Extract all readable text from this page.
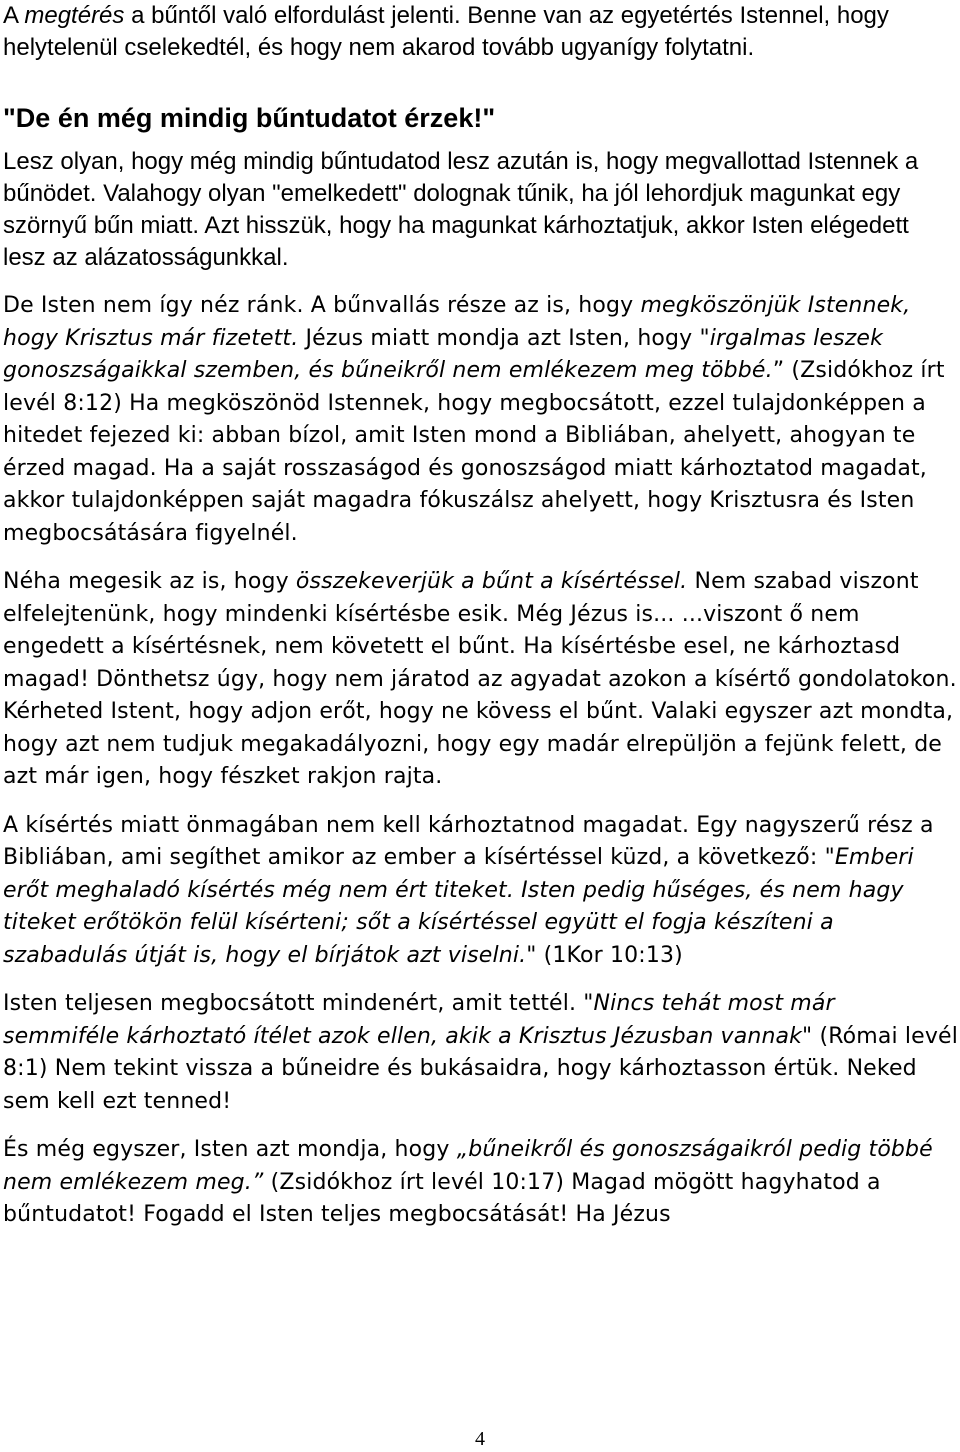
A megtérés a bűntől való elfordulást jelenti. Benne van az egyetértés Istennel, hogy helytelenül cselekedtél, és hogy nem akarod tovább ugyanígy folytatni.

"De én még mindig bűntudatot érzek!"

Lesz olyan, hogy még mindig bűntudatod lesz azután is, hogy megvallottad Istennek a bűnödet. Valahogy olyan "emelkedett" dolognak tűnik, ha jól lehordjuk magunkat egy szörnyű bűn miatt. Azt hisszük, hogy ha magunkat kárhoztatjuk, akkor Isten elégedett lesz az alázatosságunkkal.

De Isten nem így néz ránk. A bűnvallás része az is, hogy megköszönjük Istennek, hogy Krisztus már fizetett. Jézus miatt mondja azt Isten, hogy "irgalmas leszek gonoszságaikkal szemben, és bűneikről nem emlékezem meg többé.” (Zsidókhoz írt levél 8:12) Ha megköszönöd Istennek, hogy megbocsátott, ezzel tulajdonképpen a hitedet fejezed ki: abban bízol, amit Isten mond a Bibliában, ahelyett, ahogyan te érzed magad. Ha a saját rosszaságod és gonoszságod miatt kárhoztatod magadat, akkor tulajdonképpen saját magadra fókuszálsz ahelyett, hogy Krisztusra és Isten megbocsátására figyelnél.

Néha megesik az is, hogy összekeverjük a bűnt a kísértéssel. Nem szabad viszont elfelejtenünk, hogy mindenki kísértésbe esik. Még Jézus is... ...viszont ő nem engedett a kísértésnek, nem követett el bűnt. Ha kísértésbe esel, ne kárhoztasd magad! Dönthetsz úgy, hogy nem járatod az agyadat azokon a kísértő gondolatokon. Kérheted Istent, hogy adjon erőt, hogy ne kövess el bűnt. Valaki egyszer azt mondta, hogy azt nem tudjuk megakadályozni, hogy egy madár elrepüljön a fejünk felett, de azt már igen, hogy fészket rakjon rajta.

A kísértés miatt önmagában nem kell kárhoztatnod magadat. Egy nagyszerű rész a Bibliában, ami segíthet amikor az ember a kísértéssel küzd, a következő: "Emberi erőt meghaladó kísértés még nem ért titeket. Isten pedig hűséges, és nem hagy titeket erőtökön felül kísérteni; sőt a kísértéssel együtt el fogja készíteni a szabadulás útját is, hogy el bírjátok azt viselni." (1Kor 10:13)

Isten teljesen megbocsátott mindenért, amit tettél. "Nincs tehát most már semmiféle kárhoztató ítélet azok ellen, akik a Krisztus Jézusban vannak" (Római levél 8:1) Nem tekint vissza a bűneidre és bukásaidra, hogy kárhoztasson értük. Neked sem kell ezt tenned!

És még egyszer, Isten azt mondja, hogy „bűneikről és gonoszságaikról pedig többé nem emlékezem meg.” (Zsidókhoz írt levél 10:17) Magad mögött hagyhatod a bűntudatot! Fogadd el Isten teljes megbocsátását! Ha Jézus

4
